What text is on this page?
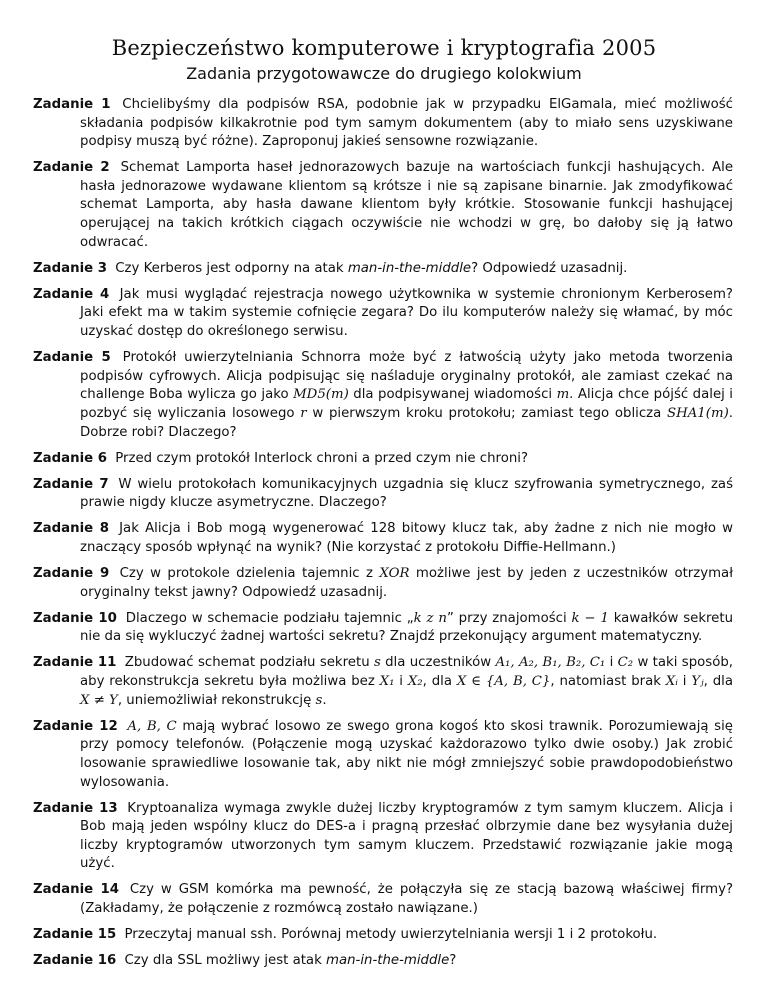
Bezpieczeństwo komputerowe i kryptografia 2005
Zadania przygotowawcze do drugiego kolokwium

Zadanie 1 Chcielibyśmy dla podpisów RSA, podobnie jak w przypadku ElGamala, mieć możliwość składania podpisów kilkakrotnie pod tym samym dokumentem (aby to miało sens uzyskiwane podpisy muszą być różne). Zaproponuj jakieś sensowne rozwiązanie.

Zadanie 2 Schemat Lamporta haseł jednorazowych bazuje na wartościach funkcji hashujących. Ale hasła jednorazowe wydawane klientom są krótsze i nie są zapisane binarnie. Jak zmodyfikować schemat Lamporta, aby hasła dawane klientom były krótkie. Stosowanie funkcji hashującej operującej na takich krótkich ciągach oczywiście nie wchodzi w grę, bo dałoby się ją łatwo odwracać.

Zadanie 3 Czy Kerberos jest odporny na atak man-in-the-middle? Odpowiedź uzasadnij.

Zadanie 4 Jak musi wyglądać rejestracja nowego użytkownika w systemie chronionym Kerberosem? Jaki efekt ma w takim systemie cofnięcie zegara? Do ilu komputerów należy się włamać, by móc uzyskać dostęp do określonego serwisu.

Zadanie 5 Protokół uwierzytelniania Schnorra może być z łatwością użyty jako metoda tworzenia podpisów cyfrowych. Alicja podpisując się naśladuje oryginalny protokół, ale zamiast czekać na challenge Boba wylicza go jako MD5(m) dla podpisywanej wiadomości m. Alicja chce pójść dalej i pozbyć się wyliczania losowego r w pierwszym kroku protokołu; zamiast tego oblicza SHA1(m). Dobrze robi? Dlaczego?

Zadanie 6 Przed czym protokół Interlock chroni a przed czym nie chroni?

Zadanie 7 W wielu protokołach komunikacyjnych uzgadnia się klucz szyfrowania symetrycznego, zaś prawie nigdy klucze asymetryczne. Dlaczego?

Zadanie 8 Jak Alicja i Bob mogą wygenerować 128 bitowy klucz tak, aby żadne z nich nie mogło w znaczący sposób wpłynąć na wynik? (Nie korzystać z protokołu Diffie-Hellmann.)

Zadanie 9 Czy w protokole dzielenia tajemnic z XOR możliwe jest by jeden z uczestników otrzymał oryginalny tekst jawny? Odpowiedź uzasadnij.

Zadanie 10 Dlaczego w schemacie podziału tajemnic „k z n” przy znajomości k − 1 kawałków sekretu nie da się wykluczyć żadnej wartości sekretu? Znajdź przekonujący argument matematyczny.

Zadanie 11 Zbudować schemat podziału sekretu s dla uczestników A₁, A₂, B₁, B₂, C₁ i C₂ w taki sposób, aby rekonstrukcja sekretu była możliwa bez X₁ i X₂, dla X ∈ {A, B, C}, natomiast brak Xᵢ i Yⱼ, dla X ≠ Y, uniemożliwiał rekonstrukcję s.

Zadanie 12 A, B, C mają wybrać losowo ze swego grona kogoś kto skosi trawnik. Porozumiewają się przy pomocy telefonów. (Połączenie mogą uzyskać każdorazowo tylko dwie osoby.) Jak zrobić losowanie sprawiedliwe losowanie tak, aby nikt nie mógł zmniejszyć sobie prawdopodobieństwo wylosowania.

Zadanie 13 Kryptoanaliza wymaga zwykle dużej liczby kryptogramów z tym samym kluczem. Alicja i Bob mają jeden wspólny klucz do DES-a i pragną przesłać olbrzymie dane bez wysyłania dużej liczby kryptogramów utworzonych tym samym kluczem. Przedstawić rozwiązanie jakie mogą użyć.

Zadanie 14 Czy w GSM komórka ma pewność, że połączyła się ze stacją bazową właściwej firmy? (Zakładamy, że połączenie z rozmówcą zostało nawiązane.)

Zadanie 15 Przeczytaj manual ssh. Porównaj metody uwierzytelniania wersji 1 i 2 protokołu.

Zadanie 16 Czy dla SSL możliwy jest atak man-in-the-middle?
